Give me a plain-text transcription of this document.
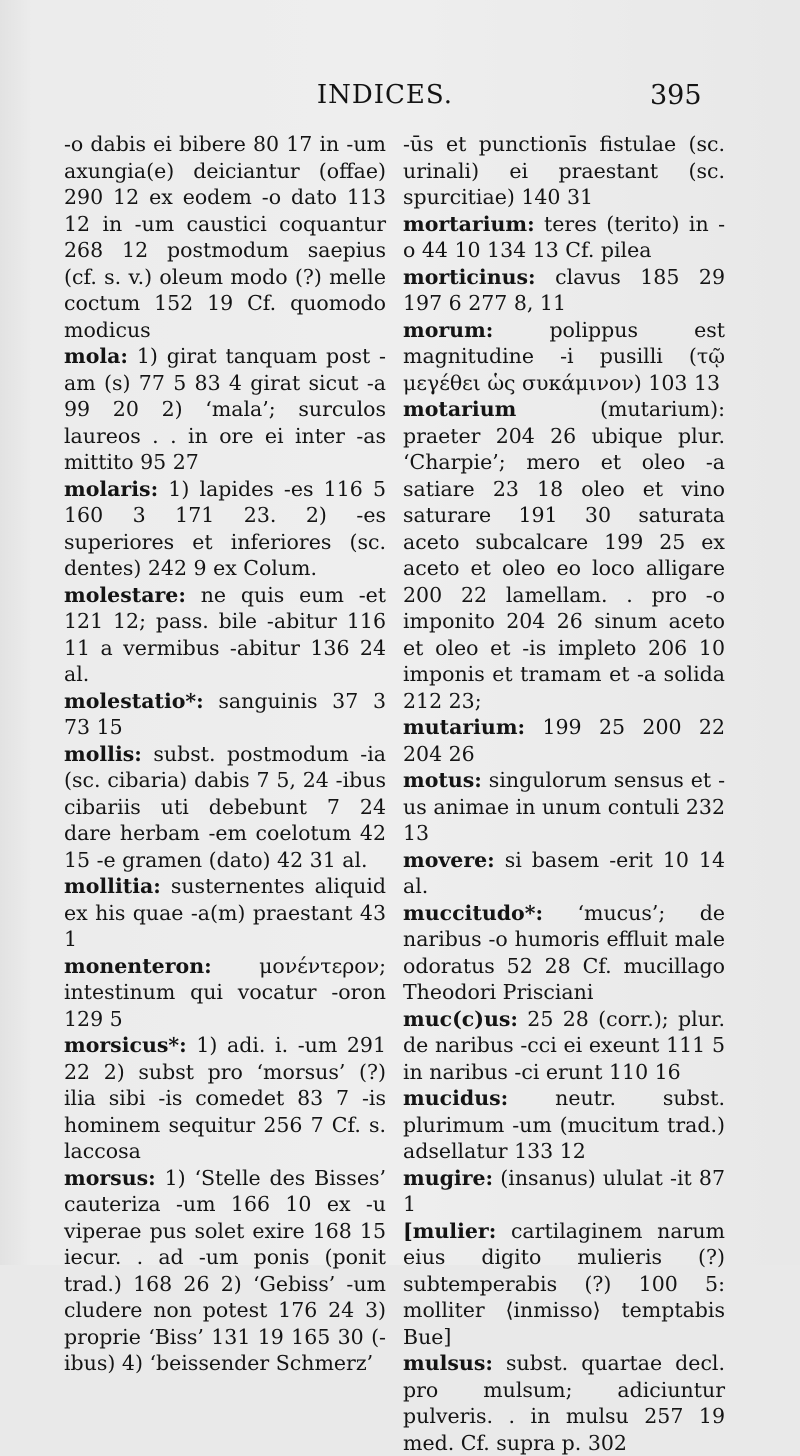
INDICES.	395

-o dabis ei bibere 80 17 in -um axungia(e) deiciantur (offae) 290 12 ex eodem -o dato 113 12 in -um caustici coquantur 268 12 postmodum saepius (cf. s. v.) oleum modo (?) melle coctum 152 19 Cf. quomodo modicus

mola: 1) girat tanquam post -am (s) 77 5 83 4 girat sicut -a 99 20 2) ‘mala’; surculos laureos . . in ore ei inter -as mittito 95 27

molaris: 1) lapides -es 116 5 160 3 171 23. 2) -es superiores et inferiores (sc. dentes) 242 9 ex Colum.

molestare: ne quis eum -et 121 12; pass. bile -abitur 116 11 a vermibus -abitur 136 24 al.

molestatio*: sanguinis 37 3 73 15

mollis: subst. postmodum -ia (sc. cibaria) dabis 7 5, 24 -ibus cibariis uti debebunt 7 24 dare herbam -em coelotum 42 15 -e gramen (dato) 42 31 al.

mollitia: susternentes aliquid ex his quae -a(m) praestant 43 1

monenteron: μονέντερον; intestinum qui vocatur -oron 129 5

morsicus*: 1) adi. i. -um 291 22 2) subst pro ‘morsus’ (?) ilia sibi -is comedet 83 7 -is hominem sequitur 256 7 Cf. s. laccosa

morsus: 1) ‘Stelle des Bisses’ cauteriza -um 166 10 ex -u viperae pus solet exire 168 15 iecur. . ad -um ponis (ponit trad.) 168 26 2) ‘Gebiss’ -um cludere non potest 176 24 3) proprie ‘Biss’ 131 19 165 30 (-ibus) 4) ‘beissender Schmerz’

-ūs et punctionīs fistulae (sc. urinali) ei praestant (sc. spurcitiae) 140 31

mortarium: teres (terito) in -o 44 10 134 13 Cf. pilea

morticinus: clavus 185 29 197 6 277 8, 11

morum: polippus est magnitudine -i pusilli (τῷ μεγέθει ὡς συκάμινον) 103 13

motarium (mutarium): praeter 204 26 ubique plur. ‘Charpie’; mero et oleo -a satiare 23 18 oleo et vino saturare 191 30 saturata aceto subcalcare 199 25 ex aceto et oleo eo loco alligare 200 22 lamellam. . pro -o imponito 204 26 sinum aceto et oleo et -is impleto 206 10 imponis et tramam et -a solida 212 23;

mutarium: 199 25 200 22 204 26

motus: singulorum sensus et -us animae in unum contuli 232 13

movere: si basem -erit 10 14 al.

muccitudo*: ‘mucus’; de naribus -o humoris effluit male odoratus 52 28 Cf. mucillago Theodori Prisciani

muc(c)us: 25 28 (corr.); plur. de naribus -cci ei exeunt 111 5 in naribus -ci erunt 110 16

mucidus: neutr. subst. plurimum -um (mucitum trad.) adsellatur 133 12

mugire: (insanus) ululat -it 87 1

[mulier: cartilaginem narum eius digito mulieris (?) subtemperabis (?) 100 5: molliter ⟨inmisso⟩ temptabis Bue]

mulsus: subst. quartae decl. pro mulsum; adiciuntur pulveris. . in mulsu 257 19 med. Cf. supra p. 302
